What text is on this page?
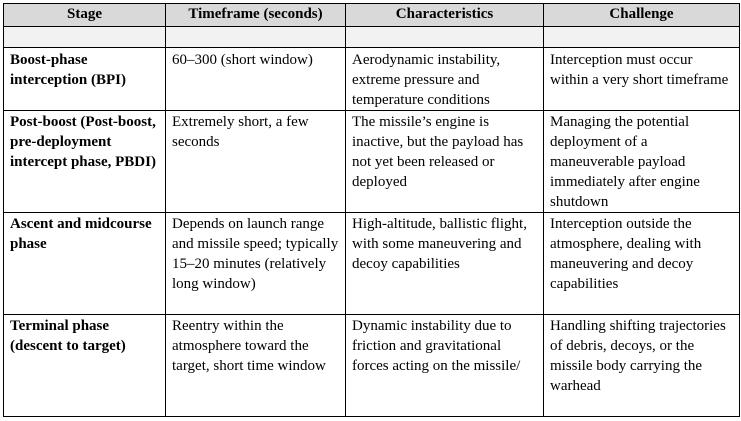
Stage	Timeframe (seconds)	Characteristics	Challenge

Boost-phase interception (BPI)	60–300 (short window)	Aerodynamic instability, extreme pressure and temperature conditions	Interception must occur within a very short timeframe
Post-boost (Post-boost, pre-deployment intercept phase, PBDI)	Extremely short, a few seconds	The missile’s engine is inactive, but the payload has not yet been released or deployed	Managing the potential deployment of a maneuverable payload immediately after engine shutdown
Ascent and midcourse phase	Depends on launch range and missile speed; typically 15–20 minutes (relatively long window)	High-altitude, ballistic flight, with some maneuvering and decoy capabilities	Interception outside the atmosphere, dealing with maneuvering and decoy capabilities
Terminal phase (descent to target)	Reentry within the atmosphere toward the target, short time window	Dynamic instability due to friction and gravitational forces acting on the missile/	Handling shifting trajectories of debris, decoys, or the missile body carrying the warhead
